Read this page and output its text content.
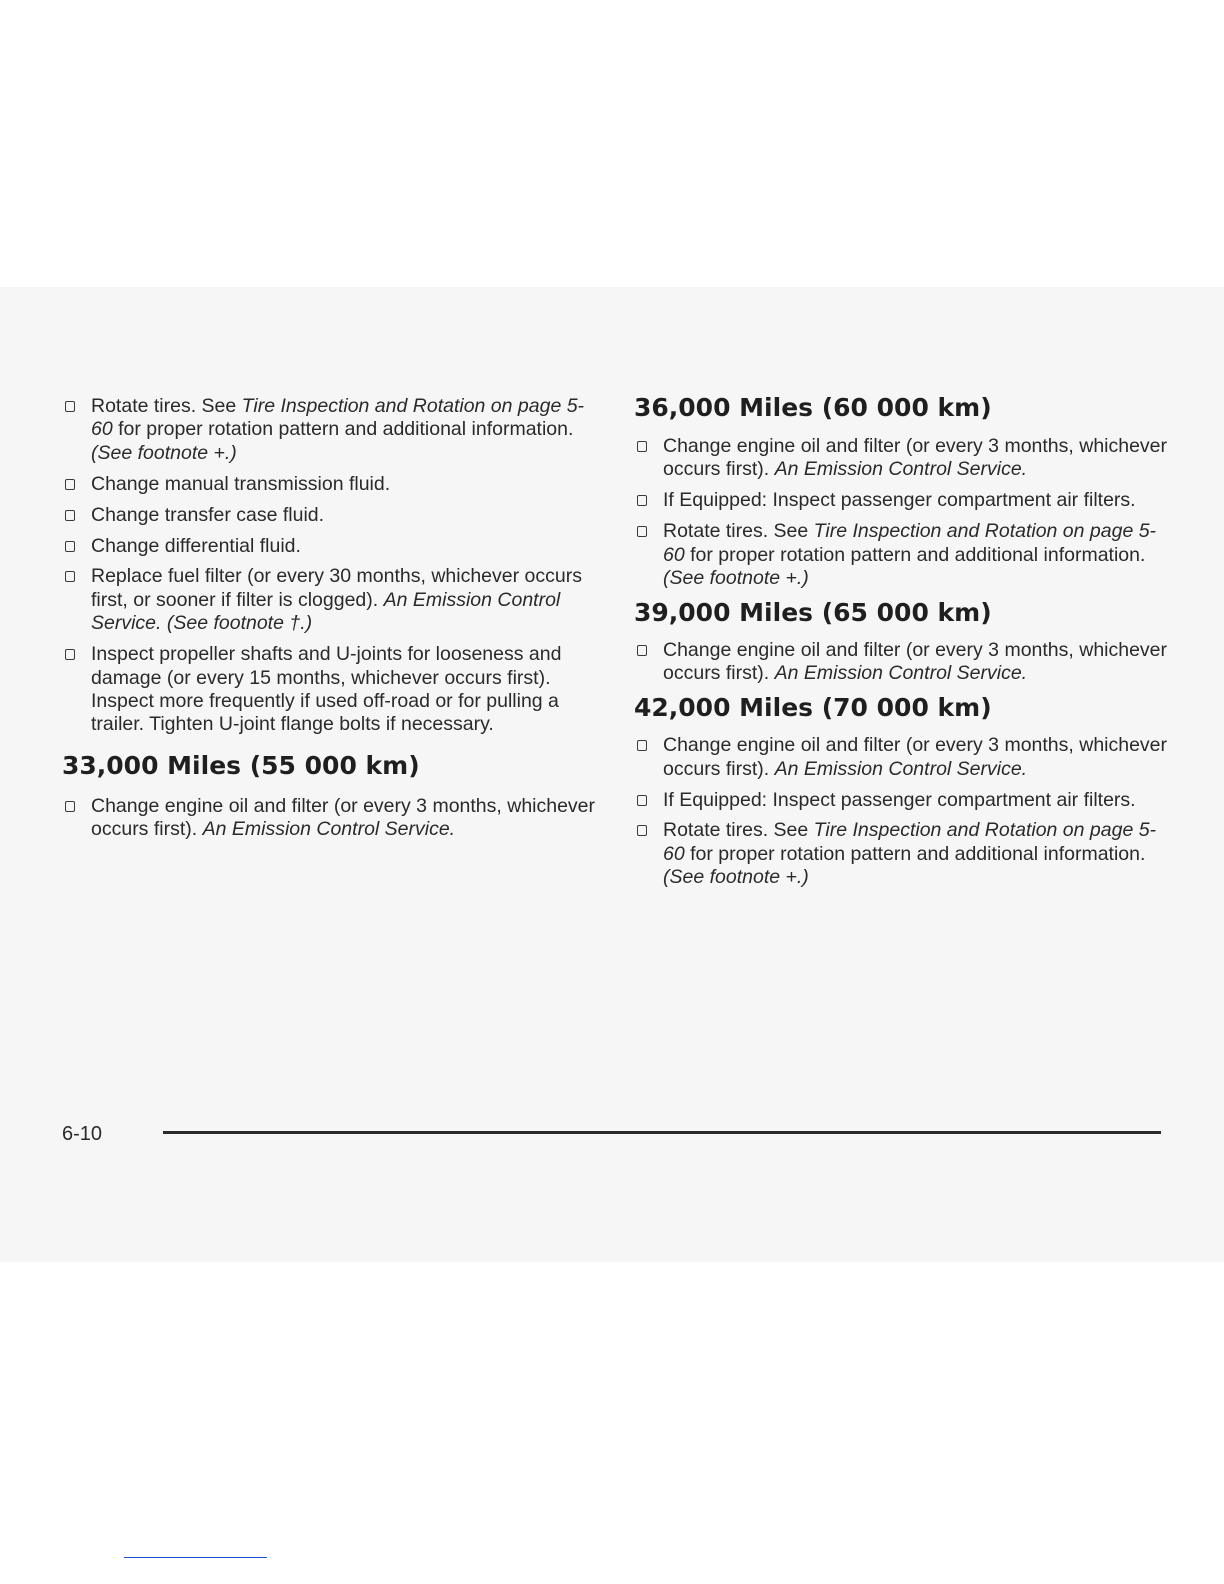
Rotate tires. See Tire Inspection and Rotation on page 5-60 for proper rotation pattern and additional information. (See footnote +.)
Change manual transmission fluid.
Change transfer case fluid.
Change differential fluid.
Replace fuel filter (or every 30 months, whichever occurs first, or sooner if filter is clogged). An Emission Control Service. (See footnote †.)
Inspect propeller shafts and U-joints for looseness and damage (or every 15 months, whichever occurs first). Inspect more frequently if used off-road or for pulling a trailer. Tighten U-joint flange bolts if necessary.
33,000 Miles (55 000 km)
Change engine oil and filter (or every 3 months, whichever occurs first). An Emission Control Service.
36,000 Miles (60 000 km)
Change engine oil and filter (or every 3 months, whichever occurs first). An Emission Control Service.
If Equipped: Inspect passenger compartment air filters.
Rotate tires. See Tire Inspection and Rotation on page 5-60 for proper rotation pattern and additional information. (See footnote +.)
39,000 Miles (65 000 km)
Change engine oil and filter (or every 3 months, whichever occurs first). An Emission Control Service.
42,000 Miles (70 000 km)
Change engine oil and filter (or every 3 months, whichever occurs first). An Emission Control Service.
If Equipped: Inspect passenger compartment air filters.
Rotate tires. See Tire Inspection and Rotation on page 5-60 for proper rotation pattern and additional information. (See footnote +.)
6-10
